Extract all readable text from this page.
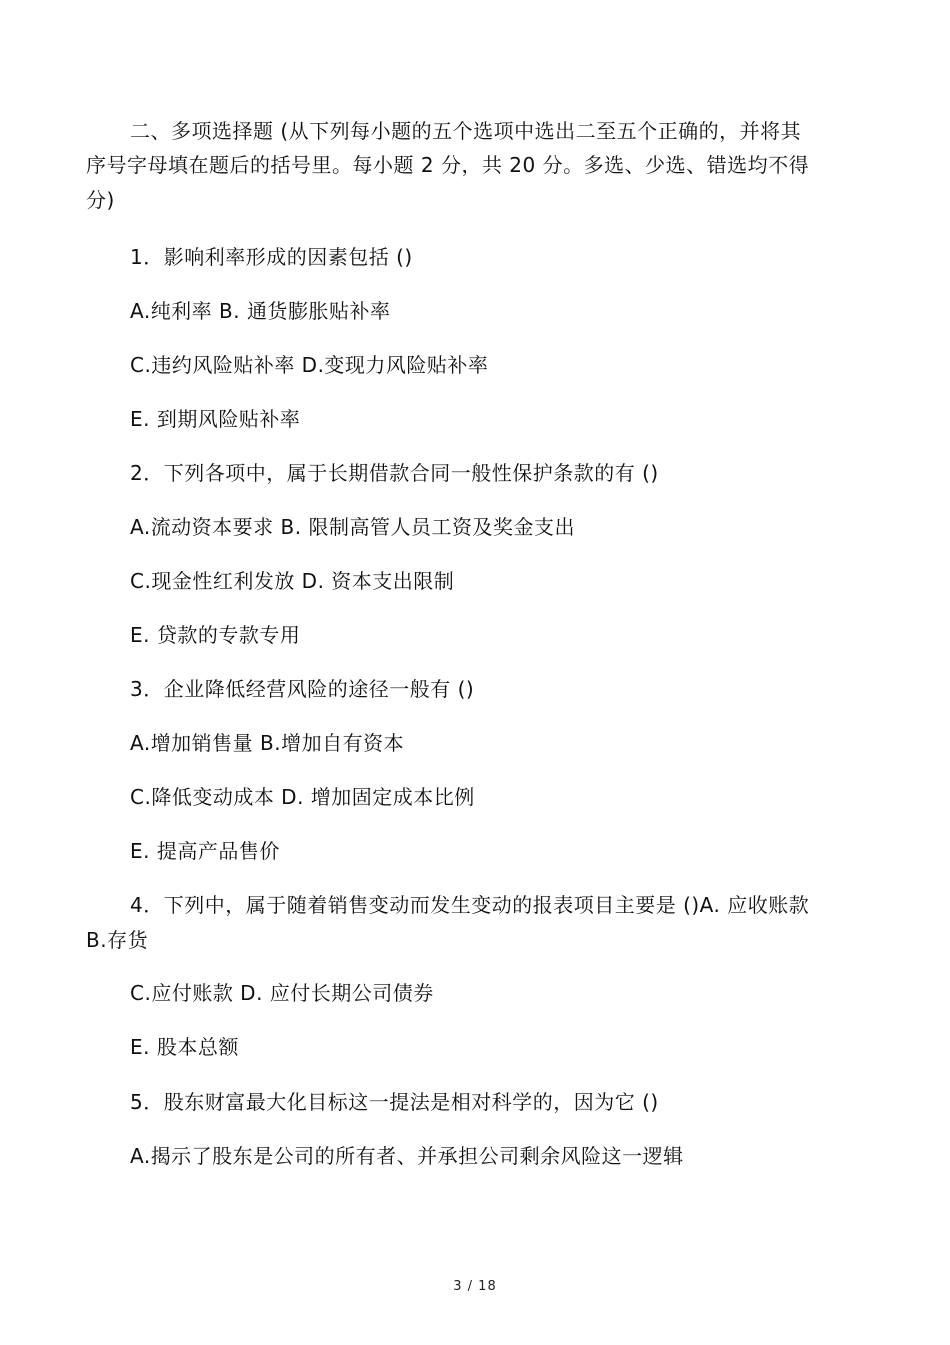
二、多项选择题 (从下列每小题的五个选项中选出二至五个正确的，并将其
序号字母填在题后的括号里。每小题 2 分，共 20 分。多选、少选、错选均不得
分)
1．影响利率形成的因素包括 ()
A.纯利率 B. 通货膨胀贴补率
C.违约风险贴补率 D.变现力风险贴补率
E. 到期风险贴补率
2．下列各项中，属于长期借款合同一般性保护条款的有 ()
A.流动资本要求 B. 限制高管人员工资及奖金支出
C.现金性红利发放 D. 资本支出限制
E. 贷款的专款专用
3．企业降低经营风险的途径一般有 ()
A.增加销售量 B.增加自有资本
C.降低变动成本 D. 增加固定成本比例
E. 提高产品售价
4．下列中，属于随着销售变动而发生变动的报表项目主要是 ()A. 应收账款
B.存货
C.应付账款 D. 应付长期公司债券
E. 股本总额
5．股东财富最大化目标这一提法是相对科学的，因为它 ()
A.揭示了股东是公司的所有者、并承担公司剩余风险这一逻辑
3 / 18
